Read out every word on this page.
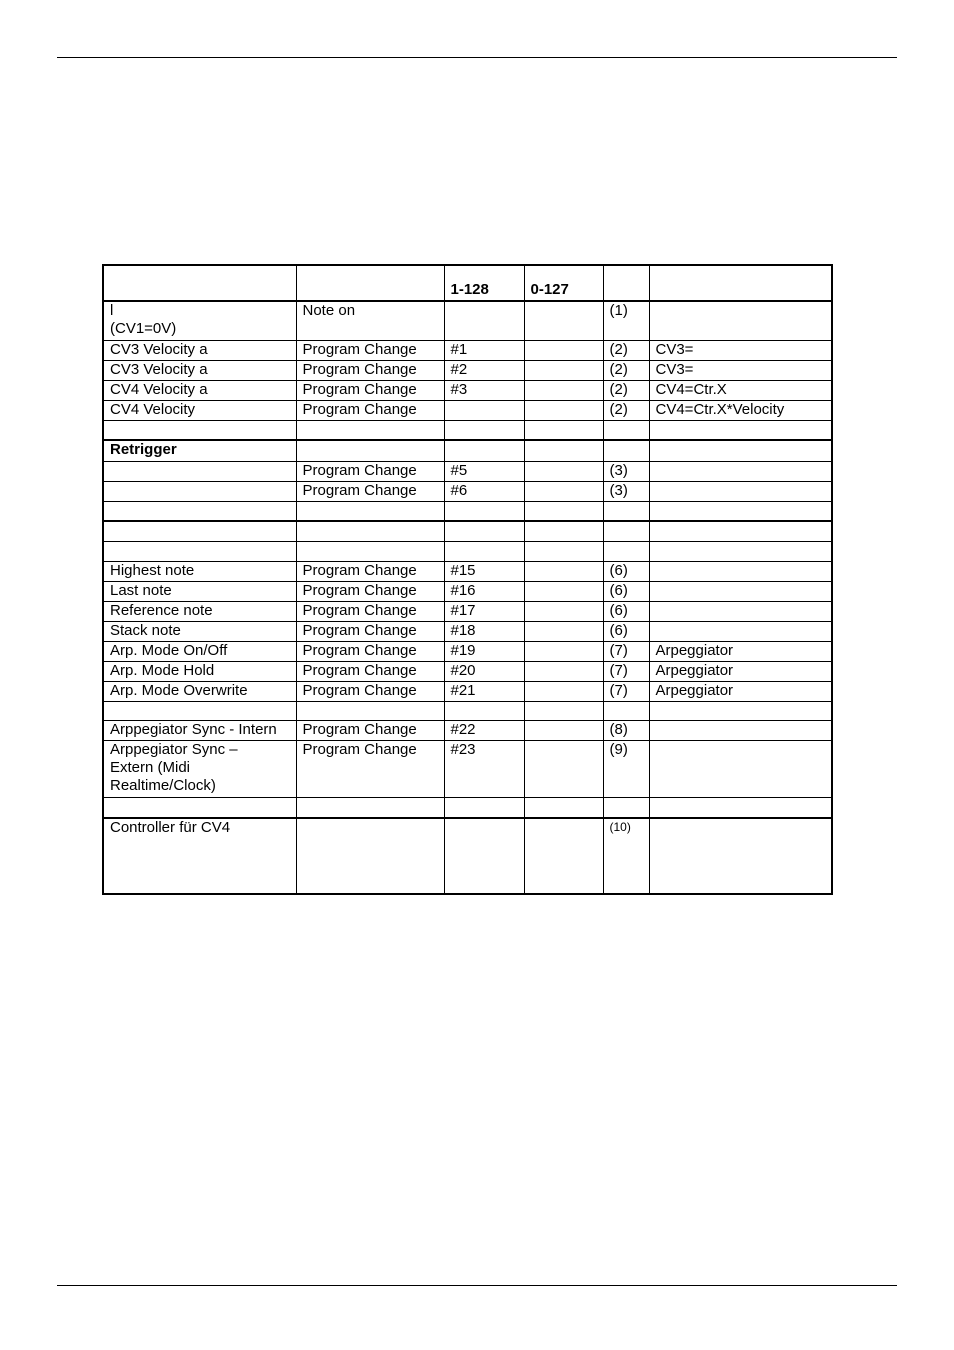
		1-128	0-127		
l
(CV1=0V)	Note on			(1)	
CV3 Velocity a	Program Change	#1		(2)	CV3=
CV3 Velocity a	Program Change	#2		(2)	CV3=
CV4 Velocity a	Program Change	#3		(2)	CV4=Ctr.X
CV4 Velocity	Program Change			(2)	CV4=Ctr.X*Velocity

Retrigger					
	Program Change	#5		(3)	
	Program Change	#6		(3)	

Highest note	Program Change	#15		(6)	
Last note	Program Change	#16		(6)	
Reference note	Program Change	#17		(6)	
Stack note	Program Change	#18		(6)	
Arp. Mode On/Off	Program Change	#19		(7)	Arpeggiator
Arp. Mode Hold	Program Change	#20		(7)	Arpeggiator
Arp. Mode Overwrite	Program Change	#21		(7)	Arpeggiator

Arppegiator Sync - Intern	Program Change	#22		(8)	
Arppegiator Sync –
Extern (Midi
Realtime/Clock)	Program Change	#23		(9)	

Controller für CV4				(10)	
